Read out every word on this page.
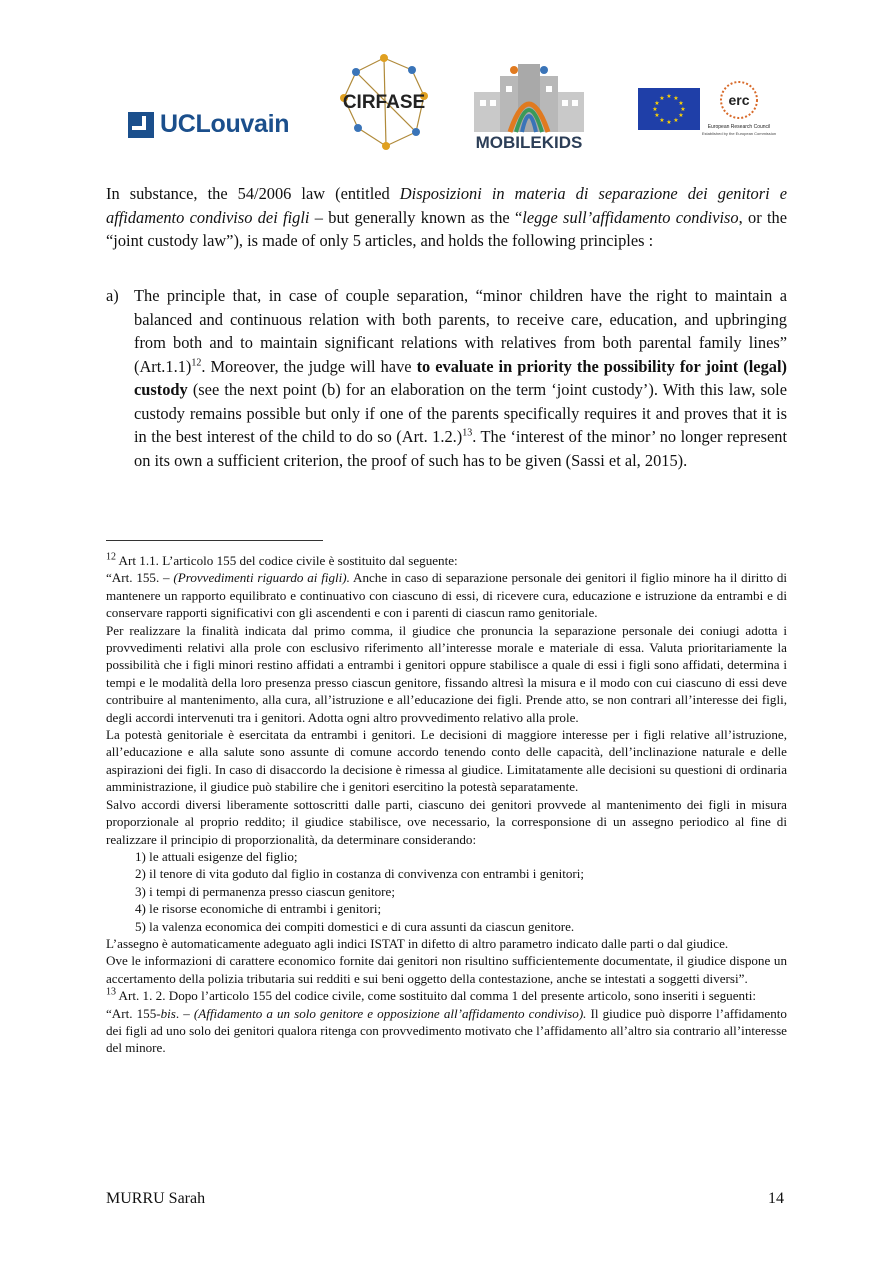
UCLouvain
CIRFASE
MOBILEKIDS
★ ★
★
★
★
★
★
★
★
★
★
★	erc
European Research Council
Established by the European Commission

In substance, the 54/2006 law (entitled Disposizioni in materia di separazione dei genitori e affidamento condiviso dei figli – but generally known as the “legge sull’affidamento condiviso, or the “joint custody law”), is made of only 5 articles, and holds the following principles :

a) The principle that, in case of couple separation, “minor children have the right to maintain a balanced and continuous relation with both parents, to receive care, education, and upbringing from both and to maintain significant relations with relatives from both parental family lines” $(Art.1.1)^{12}$. Moreover, the judge will have to evaluate in priority the possibility for joint (legal) custody (see the next point (b) for an elaboration on the term ‘joint custody’). With this law, sole custody remains possible but only if one of the parents specifically requires it and proves that it is in the best interest of the child to do so (Art. 1.2.)$^{13}$. The ‘interest of the minor’ no longer represent on its own a sufficient criterion, the proof of such has to be given (Sassi et al, 2015).

$^{12}$ Art 1.1. L’articolo 155 del codice civile è sostituito dal seguente:

“Art. 155. – (Provvedimenti riguardo ai figli). Anche in caso di separazione personale dei genitori il figlio minore ha il diritto di mantenere un rapporto equilibrato e continuativo con ciascuno di essi, di ricevere cura, educazione e istruzione da entrambi e di conservare rapporti significativi con gli ascendenti e con i parenti di ciascun ramo genitoriale.

Per realizzare la finalità indicata dal primo comma, il giudice che pronuncia la separazione personale dei coniugi adotta i provvedimenti relativi alla prole con esclusivo riferimento all’interesse morale e materiale di essa. Valuta prioritariamente la possibilità che i figli minori restino affidati a entrambi i genitori oppure stabilisce a quale di essi i figli sono affidati, determina i tempi e le modalità della loro presenza presso ciascun genitore, fissando altresì la misura e il modo con cui ciascuno di essi deve contribuire al mantenimento, alla cura, all’istruzione e all’educazione dei figli. Prende atto, se non contrari all’interesse dei figli, degli accordi intervenuti tra i genitori. Adotta ogni altro provvedimento relativo alla prole.

La potestà genitoriale è esercitata da entrambi i genitori. Le decisioni di maggiore interesse per i figli relative all’istruzione, all’educazione e alla salute sono assunte di comune accordo tenendo conto delle capacità, dell’inclinazione naturale e delle aspirazioni dei figli. In caso di disaccordo la decisione è rimessa al giudice. Limitatamente alle decisioni su questioni di ordinaria amministrazione, il giudice può stabilire che i genitori esercitino la potestà separatamente.

Salvo accordi diversi liberamente sottoscritti dalle parti, ciascuno dei genitori provvede al mantenimento dei figli in misura proporzionale al proprio reddito; il giudice stabilisce, ove necessario, la corresponsione di un assegno periodico al fine di realizzare il principio di proporzionalità, da determinare considerando:

1) le attuali esigenze del figlio;

2) il tenore di vita goduto dal figlio in costanza di convivenza con entrambi i genitori;

3) i tempi di permanenza presso ciascun genitore;

4) le risorse economiche di entrambi i genitori;

5) la valenza economica dei compiti domestici e di cura assunti da ciascun genitore.

L’assegno è automaticamente adeguato agli indici ISTAT in difetto di altro parametro indicato dalle parti o dal giudice.

Ove le informazioni di carattere economico fornite dai genitori non risultino sufficientemente documentate, il giudice dispone un accertamento della polizia tributaria sui redditi e sui beni oggetto della contestazione, anche se intestati a soggetti diversi”.

$^{13}$ Art. 1. 2. Dopo l’articolo 155 del codice civile, come sostituito dal comma 1 del presente articolo, sono inseriti i seguenti:

“Art. 155-bis. – (Affidamento a un solo genitore e opposizione all’affidamento condiviso). Il giudice può disporre l’affidamento dei figli ad uno solo dei genitori qualora ritenga con provvedimento motivato che l’affidamento all’altro sia contrario all’interesse del minore.

MURRU Sarah	14
